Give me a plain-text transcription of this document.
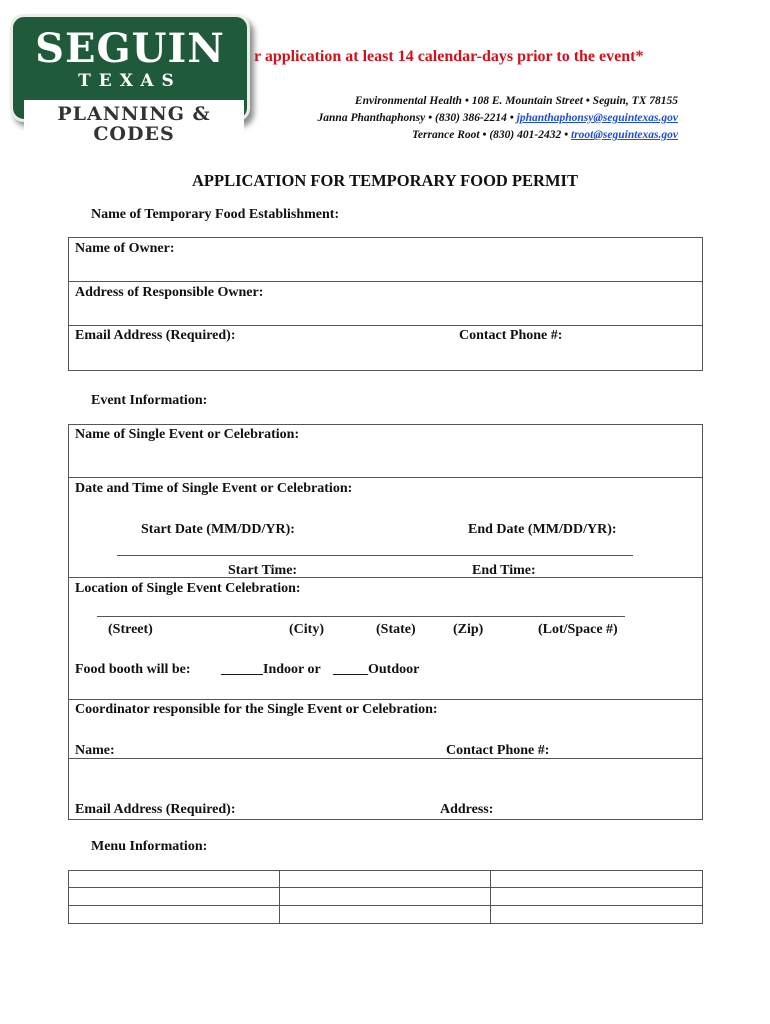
SEGUIN
TEXAS
PLANNING &
CODES
r application at least 14 calendar-days prior to the event*
Environmental Health • 108 E. Mountain Street • Seguin, TX 78155
Janna Phanthaphonsy • (830) 386-2214 • jphanthaphonsy@seguintexas.gov
Terrance Root • (830) 401-2432 • troot@seguintexas.gov
APPLICATION FOR TEMPORARY FOOD PERMIT
Name of Temporary Food Establishment:
Name of Owner:
Address of Responsible Owner:
Email Address (Required):	Contact Phone #:
Event Information:
Name of Single Event or Celebration:
Date and Time of Single Event or Celebration:
Start Date (MM/DD/YR):	End Date (MM/DD/YR):
Start Time:	End Time:
Location of Single Event Celebration:
(Street)	(City)	(State)	(Zip)	(Lot/Space #)
Food booth will be: ______Indoor or _____Outdoor
Coordinator responsible for the Single Event or Celebration:
Name:	Contact Phone #:
Email Address (Required):	Address:
Menu Information:
